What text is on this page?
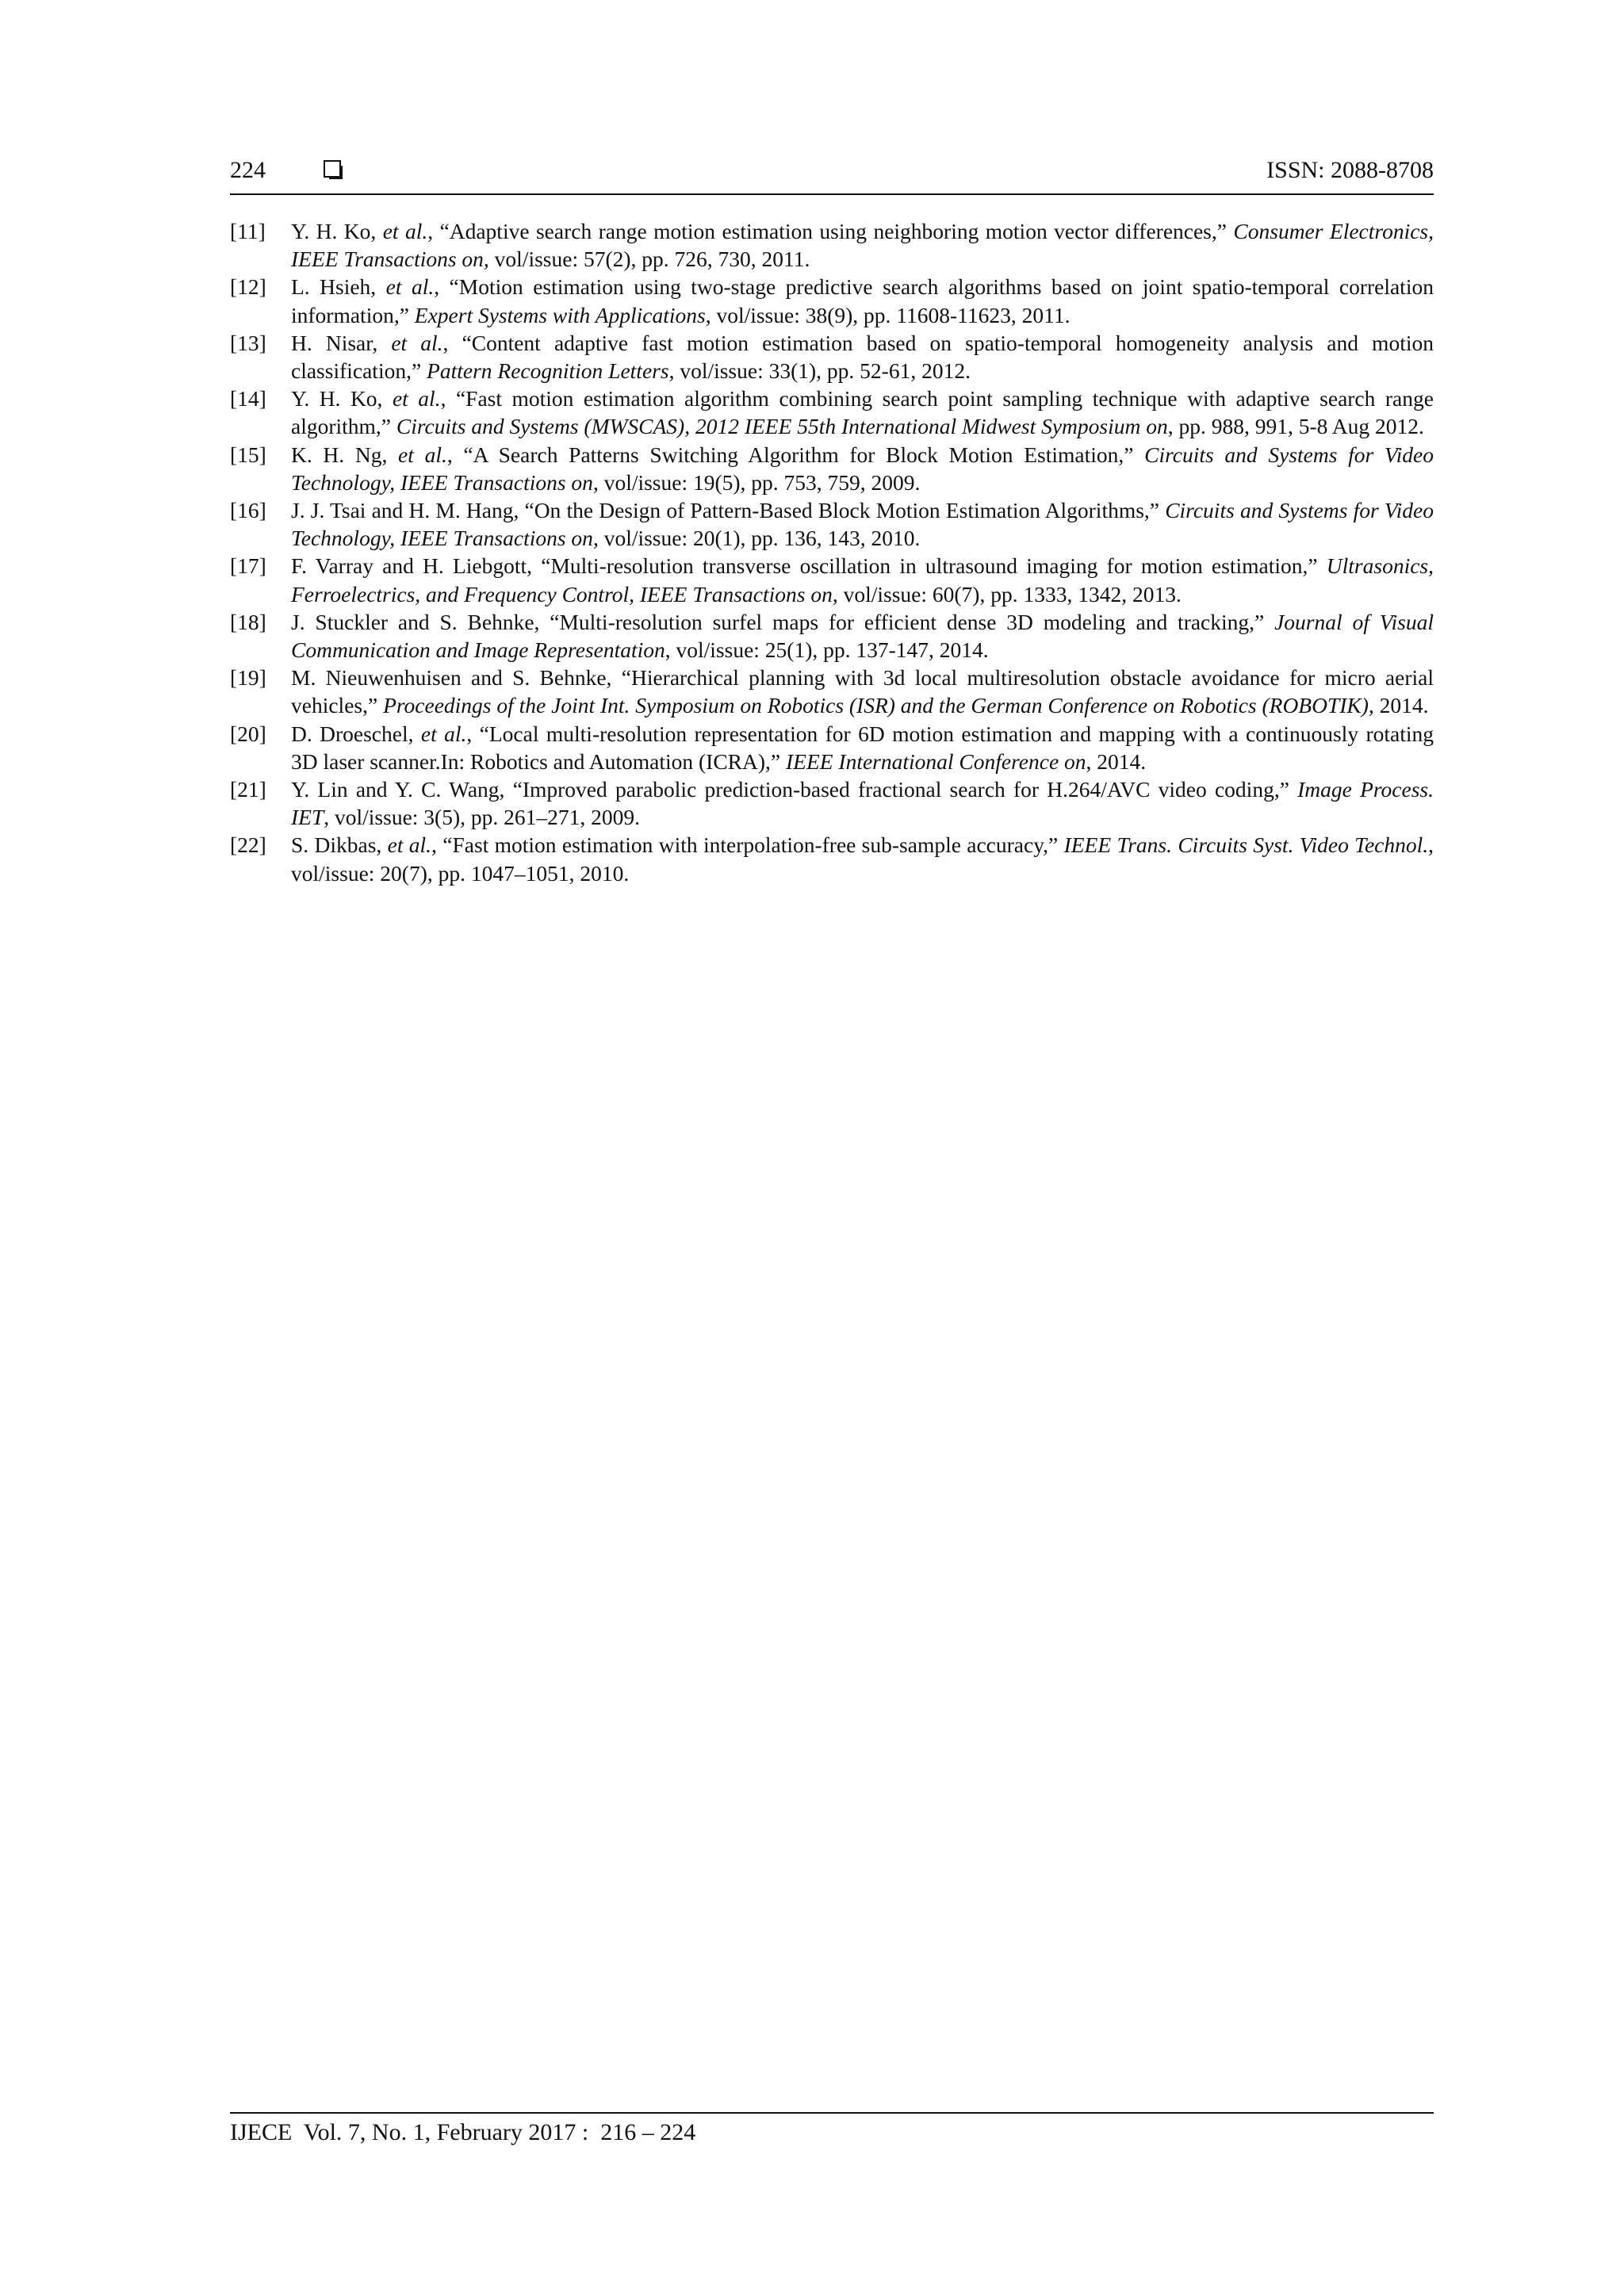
224	ISSN: 2088-8708
[11]	Y. H. Ko, et al., “Adaptive search range motion estimation using neighboring motion vector differences,” Consumer Electronics, IEEE Transactions on, vol/issue: 57(2), pp. 726, 730, 2011.
[12]	L. Hsieh, et al., “Motion estimation using two-stage predictive search algorithms based on joint spatio-temporal correlation information,” Expert Systems with Applications, vol/issue: 38(9), pp. 11608-11623, 2011.
[13]	H. Nisar, et al., “Content adaptive fast motion estimation based on spatio-temporal homogeneity analysis and motion classification,” Pattern Recognition Letters, vol/issue: 33(1), pp. 52-61, 2012.
[14]	Y. H. Ko, et al., “Fast motion estimation algorithm combining search point sampling technique with adaptive search range algorithm,” Circuits and Systems (MWSCAS), 2012 IEEE 55th International Midwest Symposium on, pp. 988, 991, 5-8 Aug 2012.
[15]	K. H. Ng, et al., “A Search Patterns Switching Algorithm for Block Motion Estimation,” Circuits and Systems for Video Technology, IEEE Transactions on, vol/issue: 19(5), pp. 753, 759, 2009.
[16]	J. J. Tsai and H. M. Hang, “On the Design of Pattern-Based Block Motion Estimation Algorithms,” Circuits and Systems for Video Technology, IEEE Transactions on, vol/issue: 20(1), pp. 136, 143, 2010.
[17]	F. Varray and H. Liebgott, “Multi-resolution transverse oscillation in ultrasound imaging for motion estimation,” Ultrasonics, Ferroelectrics, and Frequency Control, IEEE Transactions on, vol/issue: 60(7), pp. 1333, 1342, 2013.
[18]	J. Stuckler and S. Behnke, “Multi-resolution surfel maps for efficient dense 3D modeling and tracking,” Journal of Visual Communication and Image Representation, vol/issue: 25(1), pp. 137-147, 2014.
[19]	M. Nieuwenhuisen and S. Behnke, “Hierarchical planning with 3d local multiresolution obstacle avoidance for micro aerial vehicles,” Proceedings of the Joint Int. Symposium on Robotics (ISR) and the German Conference on Robotics (ROBOTIK), 2014.
[20]	D. Droeschel, et al., “Local multi-resolution representation for 6D motion estimation and mapping with a continuously rotating 3D laser scanner.In: Robotics and Automation (ICRA),” IEEE International Conference on, 2014.
[21]	Y. Lin and Y. C. Wang, “Improved parabolic prediction-based fractional search for H.264/AVC video coding,” Image Process. IET, vol/issue: 3(5), pp. 261–271, 2009.
[22]	S. Dikbas, et al., “Fast motion estimation with interpolation-free sub-sample accuracy,” IEEE Trans. Circuits Syst. Video Technol., vol/issue: 20(7), pp. 1047–1051, 2010.
IJECE  Vol. 7, No. 1, February 2017 :  216 – 224
